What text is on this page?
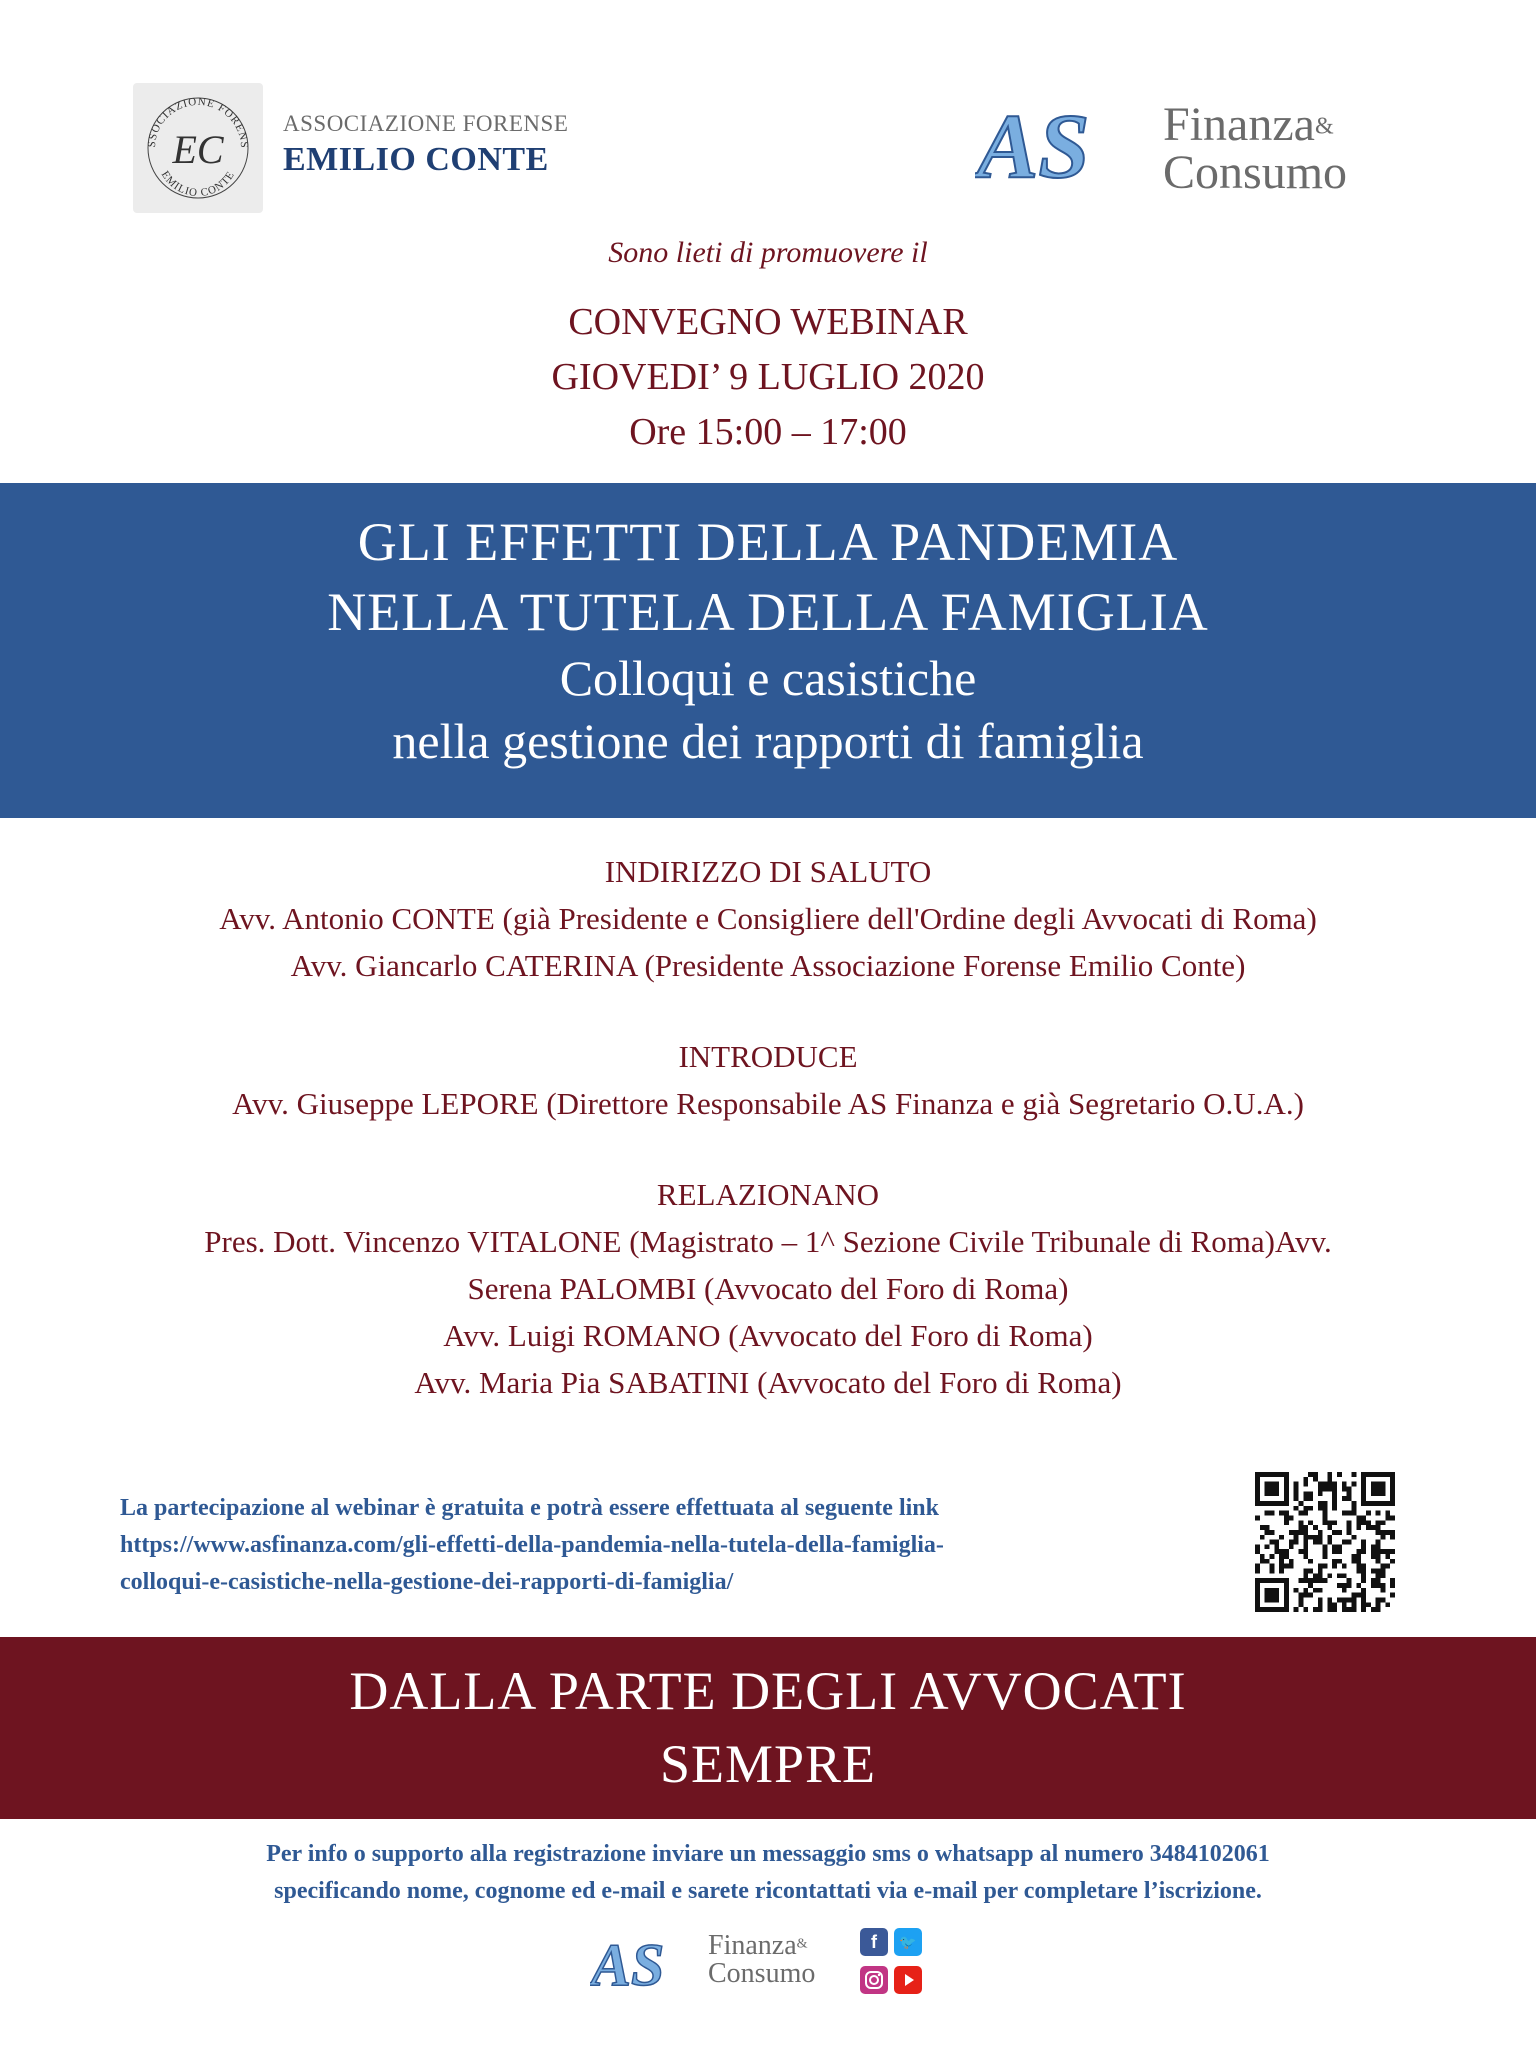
SSOCIAZIONE FORENS
EMILIO CONTE
EC
ASSOCIAZIONE FORENSE
EMILIO CONTE	AS Finanza&
Consumo
Sono lieti di promuovere il
CONVEGNO WEBINAR
GIOVEDI’ 9 LUGLIO 2020
Ore 15:00 – 17:00
GLI EFFETTI DELLA PANDEMIA
NELLA TUTELA DELLA FAMIGLIA
Colloqui e casistiche
nella gestione dei rapporti di famiglia
INDIRIZZO DI SALUTO
Avv. Antonio CONTE (già Presidente e Consigliere dell'Ordine degli Avvocati di Roma)
Avv. Giancarlo CATERINA (Presidente Associazione Forense Emilio Conte)
INTRODUCE
Avv. Giuseppe LEPORE (Direttore Responsabile AS Finanza e già Segretario O.U.A.)
RELAZIONANO
Pres. Dott. Vincenzo VITALONE (Magistrato – 1^ Sezione Civile Tribunale di Roma)Avv.
Serena PALOMBI (Avvocato del Foro di Roma)
Avv. Luigi ROMANO (Avvocato del Foro di Roma)
Avv. Maria Pia SABATINI (Avvocato del Foro di Roma)
La partecipazione al webinar è gratuita e potrà essere effettuata al seguente link
https://www.asfinanza.com/gli-effetti-della-pandemia-nella-tutela-della-famiglia-
colloqui-e-casistiche-nella-gestione-dei-rapporti-di-famiglia/
DALLA PARTE DEGLI AVVOCATI
SEMPRE
Per info o supporto alla registrazione inviare un messaggio sms o whatsapp al numero 3484102061
specificando nome, cognome ed e-mail e sarete ricontattati via e-mail per completare l’iscrizione.
AS Finanza&
Consumo
f	🐦
